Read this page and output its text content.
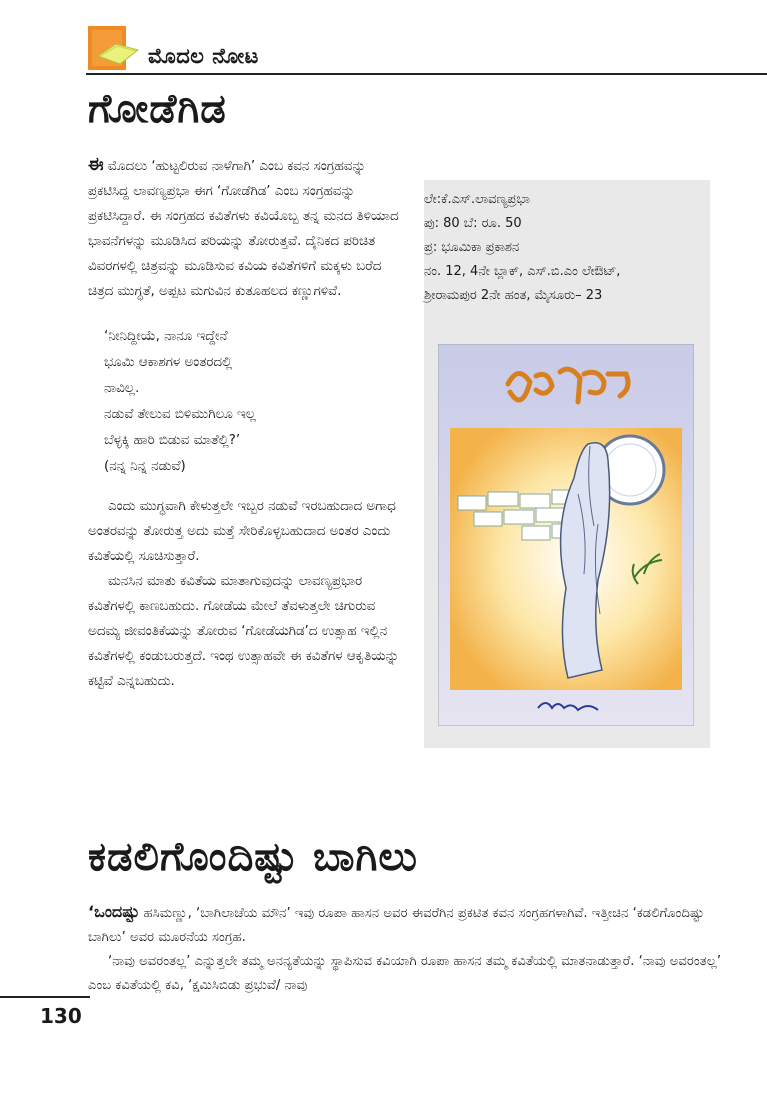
ಮೊದಲ ನೋಟ
ಗೋಡೆಗಿಡ

ಈ ಮೊದಲು ‘ಹುಟ್ಟಲಿರುವ ನಾಳೆಗಾಗಿ’ ಎಂಬ ಕವನ ಸಂಗ್ರಹವನ್ನು ಪ್ರಕಟಿಸಿದ್ದ ಲಾವಣ್ಯಪ್ರಭಾ ಈಗ ‘ಗೋಡೆಗಿಡ’ ಎಂಬ ಸಂಗ್ರಹವನ್ನು ಪ್ರಕಟಿಸಿದ್ದಾರೆ. ಈ ಸಂಗ್ರಹದ ಕವಿತೆಗಳು ಕವಿಯೊಬ್ಬ ತನ್ನ ಮನದ ತಿಳಿಯಾದ ಭಾವನೆಗಳನ್ನು ಮೂಡಿಸಿದ ಪರಿಯನ್ನು ತೋರುತ್ತವೆ. ದೈನಿಕದ ಪರಿಚಿತ ವಿವರಗಳಲ್ಲಿ ಚಿತ್ರವನ್ನು ಮೂಡಿಸುವ ಕವಿಯ ಕವಿತೆಗಳಿಗೆ ಮಕ್ಕಳು ಬರೆದ ಚಿತ್ರದ ಮುಗ್ಧತೆ, ಅಪ್ಪಟ ಮಗುವಿನ ಕುತೂಹಲದ ಕಣ್ಣುಗಳಿವೆ.

‘ನೀನಿದ್ದೀಯೆ, ನಾನೂ ಇದ್ದೇನೆ
ಭೂಮಿ ಆಕಾಶಗಳ ಅಂತರದಲ್ಲಿ
ನಾವಿಲ್ಲ.
ನಡುವೆ ತೇಲುವ ಬಿಳಿಮುಗಿಲೂ ಇಲ್ಲ
ಬೆಳ್ಳಕ್ಕಿ ಹಾರಿ ಬಿಡುವ ಮಾತೆಲ್ಲಿ?’
(ನನ್ನ ನಿನ್ನ ನಡುವೆ)

ಎಂದು ಮುಗ್ಧವಾಗಿ ಕೇಳುತ್ತಲೇ ಇಬ್ಬರ ನಡುವೆ ಇರಬಹುದಾದ ಅಗಾಧ ಅಂತರವನ್ನು ತೋರುತ್ತ ಅದು ಮತ್ತೆ ಸೇರಿಕೊಳ್ಳಬಹುದಾದ ಅಂತರ ಎಂದು ಕವಿತೆಯಲ್ಲಿ ಸೂಚಿಸುತ್ತಾರೆ.

ಮನಸಿನ ಮಾತು ಕವಿತೆಯ ಮಾತಾಗುವುದನ್ನು ಲಾವಣ್ಯಪ್ರಭಾರ ಕವಿತೆಗಳಲ್ಲಿ ಕಾಣಬಹುದು. ಗೋಡೆಯ ಮೇಲೆ ತೆವಳುತ್ತಲೇ ಚಿಗುರುವ ಅದಮ್ಯ ಜೀವಂತಿಕೆಯನ್ನು ತೋರುವ ‘ಗೋಡೆಯಗಿಡ’ದ ಉತ್ಸಾಹ ಇಲ್ಲಿನ ಕವಿತೆಗಳಲ್ಲಿ ಕಂಡುಬರುತ್ತದೆ. ಇಂಥ ಉತ್ಸಾಹವೇ ಈ ಕವಿತೆಗಳ ಆಕೃತಿಯನ್ನು ಕಟ್ಟಿವೆ ಎನ್ನಬಹುದು.

ಲೇ:ಕೆ.ಎಸ್.ಲಾವಣ್ಯಪ್ರಭಾ
ಪು: 80 ಬೆ: ರೂ. 50
ಪ್ರ: ಭೂಮಿಕಾ ಪ್ರಕಾಶನ
ನಂ. 12, 4ನೇ ಬ್ಲಾಕ್, ಎಸ್.ಬಿ.ಎಂ ಲೇಔಟ್,
ಶ್ರೀರಾಮಪುರ 2ನೇ ಹಂತ, ಮೈಸೂರು– 23
ಕಡಲಿಗೊಂದಿಷ್ಟು ಬಾಗಿಲು

‘ಒಂದಷ್ಟು ಹಸಿಮಣ್ಣು, ‘ಬಾಗಿಲಾಚೆಯ ಮೌನ’ ಇವು ರೂಪಾ ಹಾಸನ ಅವರ ಈವರೆಗಿನ ಪ್ರಕಟಿತ ಕವನ ಸಂಗ್ರಹಗಳಾಗಿವೆ. ಇತ್ತೀಚಿನ ‘ಕಡಲಿಗೊಂದಿಷ್ಟು ಬಾಗಿಲು’ ಅವರ ಮೂರನೆಯ ಸಂಗ್ರಹ.

‘ನಾವು ಅವರಂತಲ್ಲ’ ಎನ್ನುತ್ತಲೇ ತಮ್ಮ ಅನನ್ಯತೆಯನ್ನು ಸ್ಥಾಪಿಸುವ ಕವಿಯಾಗಿ ರೂಪಾ ಹಾಸನ ತಮ್ಮ ಕವಿತೆಯಲ್ಲಿ ಮಾತನಾಡುತ್ತಾರೆ. ‘ನಾವು ಅವರಂತಲ್ಲ’ ಎಂಬ ಕವಿತೆಯಲ್ಲಿ ಕವಿ, ‘ಕ್ಷಮಿಸಿಬಿಡು ಪ್ರಭುವೆ/ ನಾವು

130
